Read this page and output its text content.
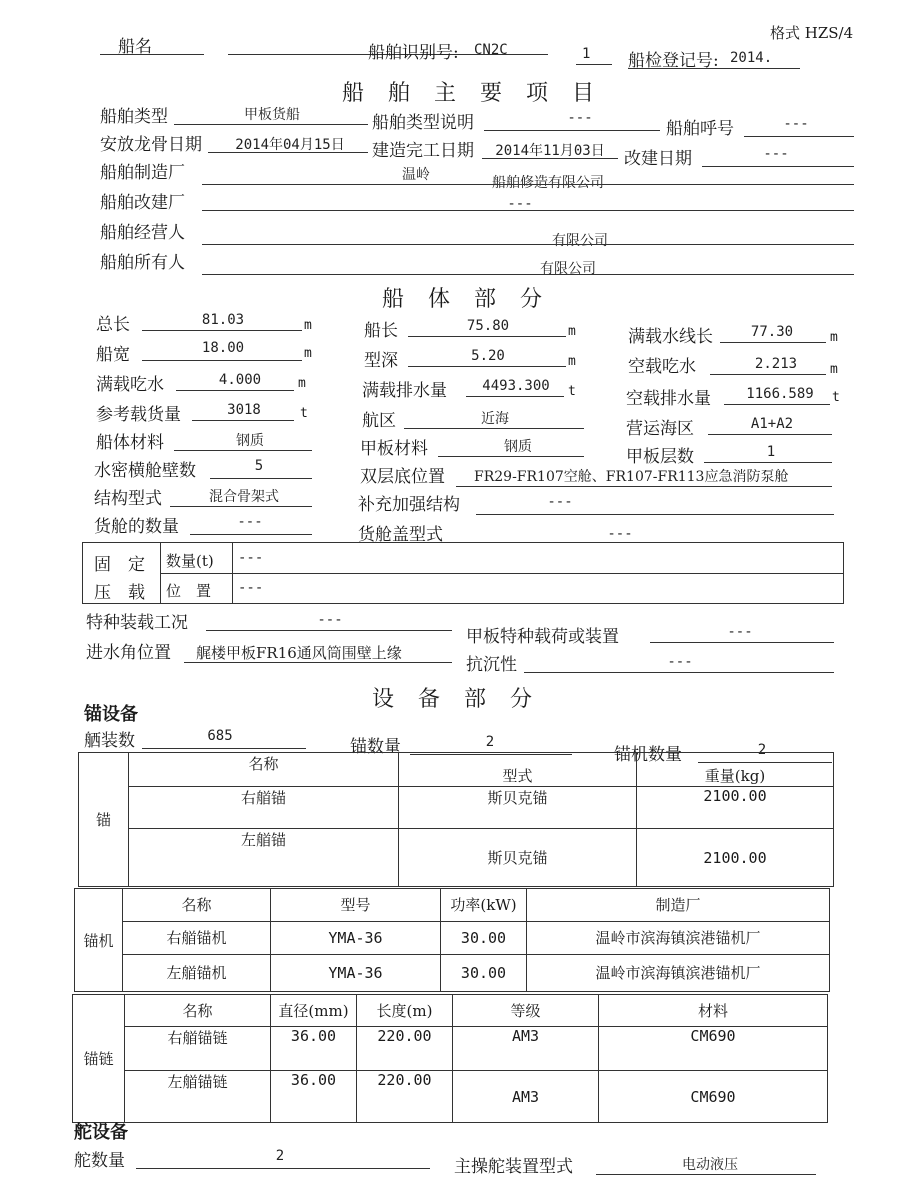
格式 HZS/4
船名	船舶识别号: CN2C	1 船检登记号: 2014.
船舶主要项目
船舶类型	甲板货船	船舶类型说明	---
船舶呼号	---
安放龙骨日期	2014年04月15日	建造完工日期	2014年11月03日	改建日期	---
船舶制造厂	温岭	船舶修造有限公司
船舶改建厂	---
船舶经营人	有限公司
船舶所有人	有限公司
船体部分
总长	81.03	m	船长	75.80	m	满载水线长	77.30	m
船宽	18.00	m	型深	5.20	m	空载吃水	2.213	m
满载吃水	4.000	m	满载排水量	4493.300	t	空载排水量	1166.589	t
参考载货量	3018	t	航区	近海	营运海区	A1+A2
船体材料	钢质	甲板材料	钢质	甲板层数	1
水密横舱壁数	5
双层底位置 FR29-FR107空舱、FR107-FR113应急消防泵舱
结构型式	混合骨架式	补充加强结构	---
货舱的数量	---
货舱盖型式	---
固　定
压　载
数量(t) ---
位　置 ---
特种装载工况	---
甲板特种载荷或装置	---
进水角位置 艉楼甲板FR16通风筒围壁上缘
抗沉性	---
设备部分
锚设备
舾装数	685
锚数量	2
锚机数量	2
锚	名称	型式	重量(kg)
	右艏锚	斯贝克锚	2100.00
	左艏锚	斯贝克锚	2100.00
锚机	名称	型号	功率(kW)	制造厂
	右艏锚机	YMA-36	30.00	温岭市滨海镇滨港锚机厂
	左艏锚机	YMA-36	30.00	温岭市滨海镇滨港锚机厂
锚链	名称	直径(mm)	长度(m)	等级	材料
	右艏锚链	36.00	220.00	AM3	CM690
	左艏锚链	36.00	220.00	AM3	CM690
舵设备
舵数量	2
主操舵装置型式	电动液压
